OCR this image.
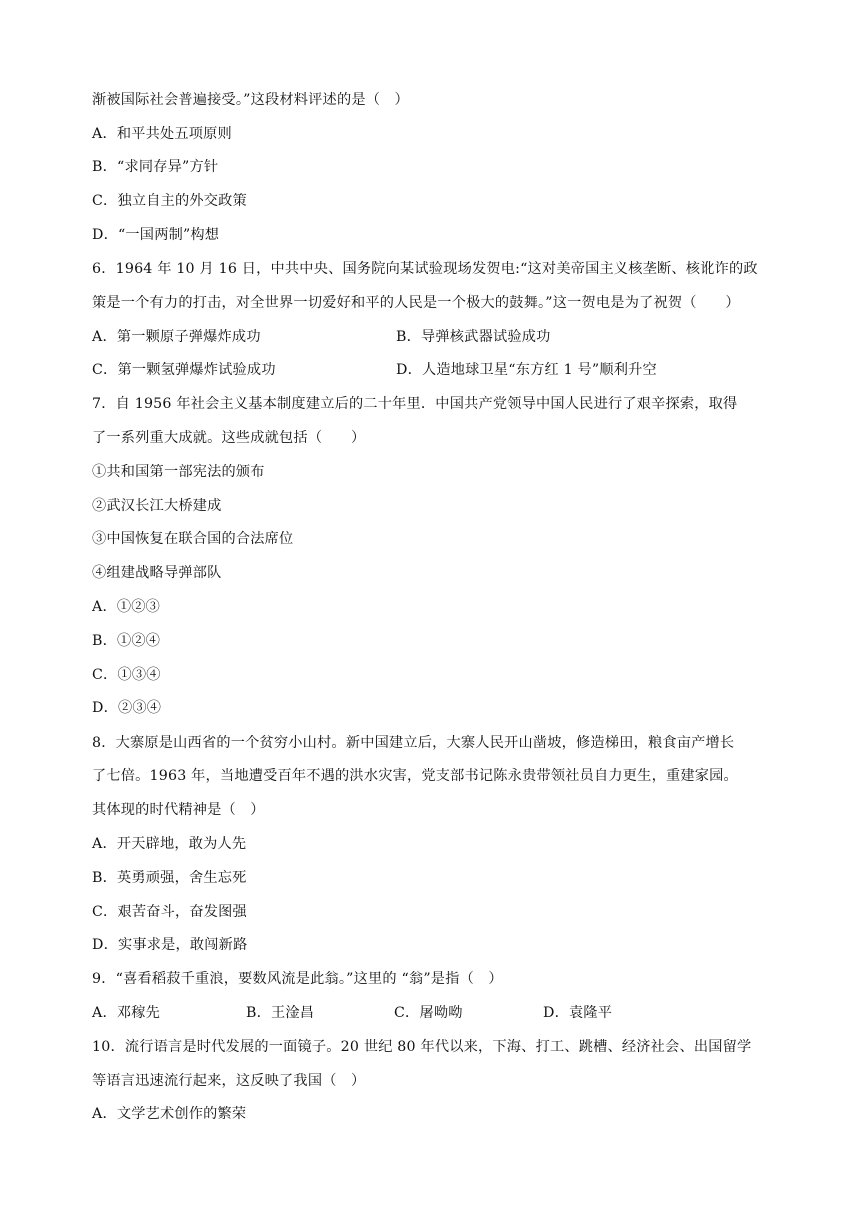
渐被国际社会普遍接受。”这段材料评述的是（　）
A．和平共处五项原则
B．“求同存异”方针
C．独立自主的外交政策
D．“一国两制”构想
6．1964 年 10 月 16 日，中共中央、国务院向某试验现场发贺电:“这对美帝国主义核垄断、核讹诈的政
策是一个有力的打击，对全世界一切爱好和平的人民是一个极大的鼓舞。”这一贺电是为了祝贺（　　）
A．第一颗原子弹爆炸成功	B．导弹核武器试验成功
C．第一颗氢弹爆炸试验成功	D．人造地球卫星“东方红 1 号”顺利升空
7．自 1956 年社会主义基本制度建立后的二十年里．中国共产党领导中国人民进行了艰辛探索，取得
了一系列重大成就。这些成就包括（　　）
①共和国第一部宪法的颁布
②武汉长江大桥建成
③中国恢复在联合国的合法席位
④组建战略导弹部队
A．①②③
B．①②④
C．①③④
D．②③④
8．大寨原是山西省的一个贫穷小山村。新中国建立后，大寨人民开山凿坡，修造梯田，粮食亩产增长
了七倍。1963 年，当地遭受百年不遇的洪水灾害，党支部书记陈永贵带领社员自力更生，重建家园。
其体现的时代精神是（　）
A．开天辟地，敢为人先
B．英勇顽强，舍生忘死
C．艰苦奋斗，奋发图强
D．实事求是，敢闯新路
9．“喜看稻菽千重浪，要数风流是此翁。”这里的 “翁”是指（　）
A．邓稼先	B．王淦昌	C．屠呦呦	D．袁隆平
10．流行语言是时代发展的一面镜子。20 世纪 80 年代以来，下海、打工、跳槽、经济社会、出国留学
等语言迅速流行起来，这反映了我国（　）
A．文学艺术创作的繁荣
